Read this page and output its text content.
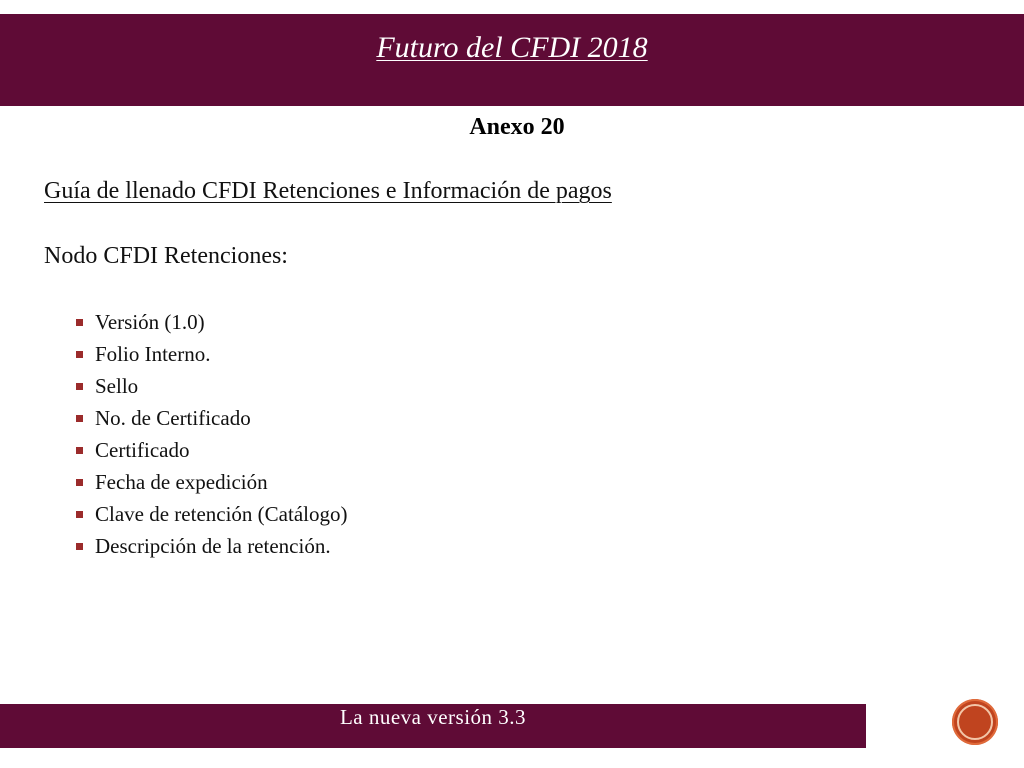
Futuro del CFDI 2018
Anexo 20
Guía de llenado CFDI Retenciones e Información de pagos
Nodo CFDI Retenciones:
Versión (1.0)
Folio Interno.
Sello
No. de Certificado
Certificado
Fecha de expedición
Clave de retención (Catálogo)
Descripción de la retención.
La nueva versión 3.3
